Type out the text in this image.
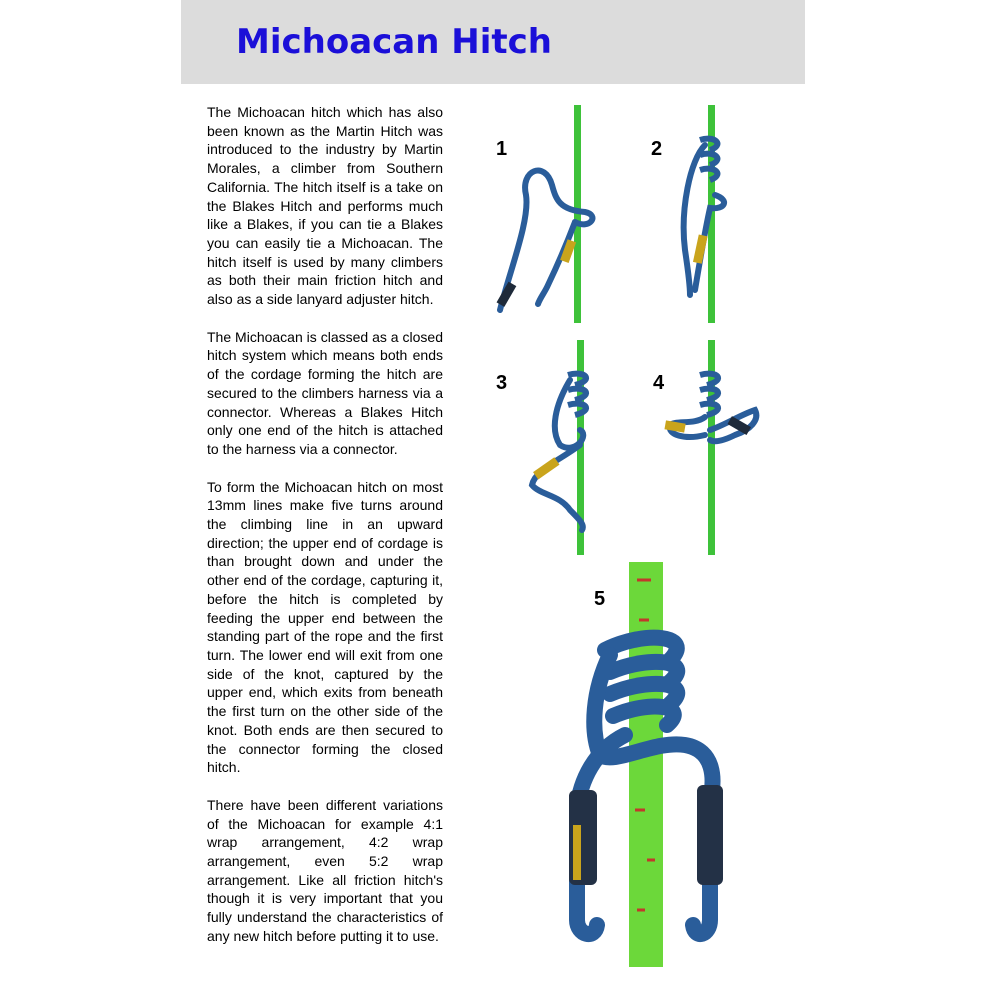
Michoacan Hitch

The Michoacan hitch which has also been known as the Martin Hitch was introduced to the industry by Martin Morales, a climber from Southern California. The hitch itself is a take on the Blakes Hitch and performs much like a Blakes, if you can tie a Blakes you can easily tie a Michoacan. The hitch itself is used by many climbers as both their main friction hitch and also as a side lanyard adjuster hitch.

The Michoacan is classed as a closed hitch system which means both ends of the cordage forming the hitch are secured to the climbers harness via a connector. Whereas a Blakes Hitch only one end of the hitch is attached to the harness via a connector.

To form the Michoacan hitch on most 13mm lines make five turns around the climbing line in an upward direction; the upper end of cordage is than brought down and under the other end of the cordage, capturing it, before the hitch is completed by feeding the upper end between the standing part of the rope and the first turn. The lower end will exit from one side of the knot, captured by the upper end, which exits from beneath the first turn on the other side of the knot. Both ends are then secured to the connector forming the closed hitch.

There have been different variations of the Michoacan for example 4:1 wrap arrangement, 4:2 wrap arrangement, even 5:2 wrap arrangement. Like all friction hitch's though it is very important that you fully understand the characteristics of any new hitch before putting it to use.

1	2
3	4
5
